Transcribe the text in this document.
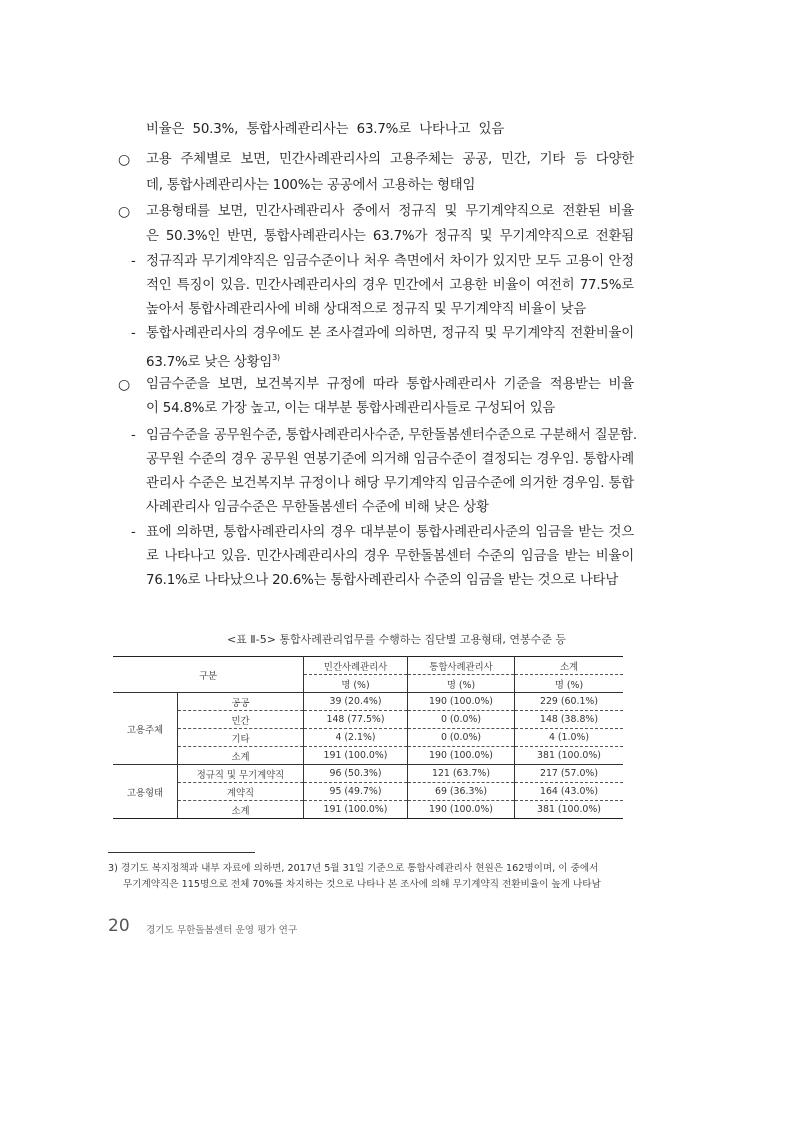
비율은 50.3%, 통합사례관리사는 63.7%로 나타나고 있음
○ 고용 주체별로 보면, 민간사례관리사의 고용주체는 공공, 민간, 기타 등 다양한
데, 통합사례관리사는 100%는 공공에서 고용하는 형태임
○ 고용형태를 보면, 민간사례관리사 중에서 정규직 및 무기계약직으로 전환된 비율
은 50.3%인 반면, 통합사례관리사는 63.7%가 정규직 및 무기계약직으로 전환됨
- 정규직과 무기계약직은 임금수준이나 처우 측면에서 차이가 있지만 모두 고용이 안정
적인 특징이 있음. 민간사례관리사의 경우 민간에서 고용한 비율이 여전히 77.5%로
높아서 통합사례관리사에 비해 상대적으로 정규직 및 무기계약직 비율이 낮음
- 통합사례관리사의 경우에도 본 조사결과에 의하면, 정규직 및 무기계약직 전환비율이
63.7%로 낮은 상황임$^{3)}$
○ 임금수준을 보면, 보건복지부 규정에 따라 통합사례관리사 기준을 적용받는 비율
이 54.8%로 가장 높고, 이는 대부분 통합사례관리사들로 구성되어 있음
- 임금수준을 공무원수준, 통합사례관리사수준, 무한돌봄센터수준으로 구분해서 질문함.
공무원 수준의 경우 공무원 연봉기준에 의거해 임금수준이 결정되는 경우임. 통합사례
관리사 수준은 보건복지부 규정이나 해당 무기계약직 임금수준에 의거한 경우임. 통합
사례관리사 임금수준은 무한돌봄센터 수준에 비해 낮은 상황
- 표에 의하면, 통합사례관리사의 경우 대부분이 통합사례관리사준의 임금을 받는 것으
로 나타나고 있음. 민간사례관리사의 경우 무한돌봄센터 수준의 임금을 받는 비율이
76.1%로 나타났으나 20.6%는 통합사례관리사 수준의 임금을 받는 것으로 나타남
<표 Ⅱ-5> 통합사례관리업무를 수행하는 집단별 고용형태, 연봉수준 등
구분		민간사례관리사	통합사례관리사	소계
		명 (%)	명 (%)	명 (%)
고용주체	공공	39 (20.4%)	190 (100.0%)	229 (60.1%)
	민간	148 (77.5%)	0 (0.0%)	148 (38.8%)
	기타	4 (2.1%)	0 (0.0%)	4 (1.0%)
	소계	191 (100.0%)	190 (100.0%)	381 (100.0%)
고용형태	정규직 및 무기계약직	96 (50.3%)	121 (63.7%)	217 (57.0%)
	계약직	95 (49.7%)	69 (36.3%)	164 (43.0%)
	소계	191 (100.0%)	190 (100.0%)	381 (100.0%)
3) 경기도 복지정책과 내부 자료에 의하면, 2017년 5월 31일 기준으로 통합사례관리사 현원은 162명이며, 이 중에서
무기계약직은 115명으로 전체 70%를 차지하는 것으로 나타나 본 조사에 의해 무기계약직 전환비율이 높게 나타남
20 경기도 무한돌봄센터 운영 평가 연구
